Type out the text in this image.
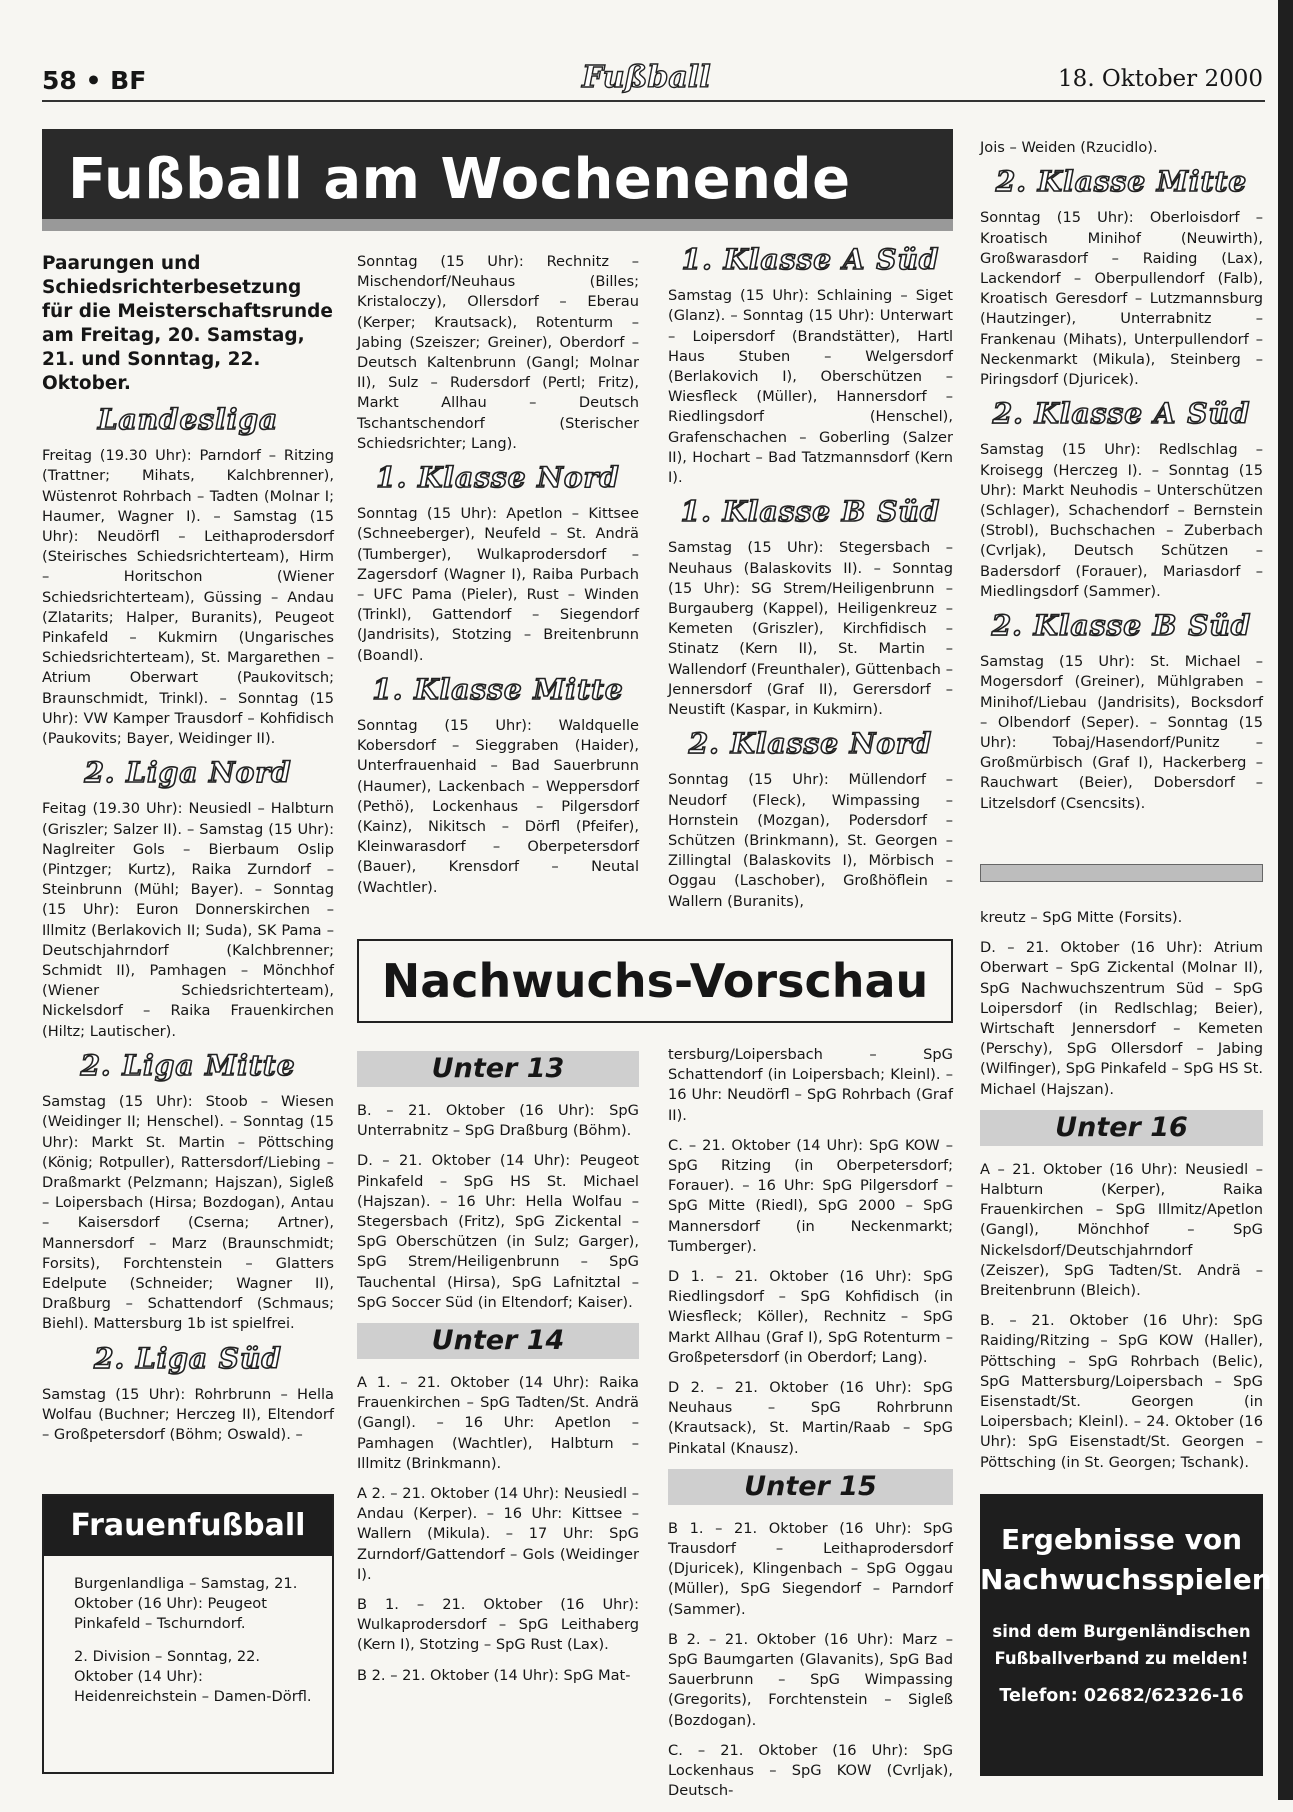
58 • BF	Fußball	18. Oktober 2000
Fußball am Wochenende

Paarungen und Schiedsrichterbesetzung für die Meisterschaftsrunde am Freitag, 20. Samstag, 21. und Sonntag, 22. Oktober.

Landesliga

Freitag (19.30 Uhr): Parndorf – Ritzing (Trattner; Mihats, Kalchbrenner), Wüstenrot Rohrbach – Tadten (Molnar I; Haumer, Wagner I). – Samstag (15 Uhr): Neudörfl – Leithaprodersdorf (Steirisches Schiedsrichterteam), Hirm – Horitschon (Wiener Schiedsrichterteam), Güssing – Andau (Zlatarits; Halper, Buranits), Peugeot Pinkafeld – Kukmirn (Ungarisches Schiedsrichterteam), St. Margarethen – Atrium Oberwart (Paukovitsch; Braunschmidt, Trinkl). – Sonntag (15 Uhr): VW Kamper Trausdorf – Kohfidisch (Paukovits; Bayer, Weidinger II).

2. Liga Nord

Feitag (19.30 Uhr): Neusiedl – Halbturn (Griszler; Salzer II). – Samstag (15 Uhr): Naglreiter Gols – Bierbaum Oslip (Pintzger; Kurtz), Raika Zurndorf – Steinbrunn (Mühl; Bayer). – Sonntag (15 Uhr): Euron Donnerskirchen – Illmitz (Berlakovich II; Suda), SK Pama – Deutschjahrndorf (Kalchbrenner; Schmidt II), Pamhagen – Mönchhof (Wiener Schiedsrichterteam), Nickelsdorf – Raika Frauenkirchen (Hiltz; Lautischer).

2. Liga Mitte

Samstag (15 Uhr): Stoob – Wiesen (Weidinger II; Henschel). – Sonntag (15 Uhr): Markt St. Martin – Pöttsching (König; Rotpuller), Rattersdorf/Liebing – Draßmarkt (Pelzmann; Hajszan), Sigleß – Loipersbach (Hirsa; Bozdogan), Antau – Kaisersdorf (Cserna; Artner), Mannersdorf – Marz (Braunschmidt; Forsits), Forchtenstein – Glatters Edelpute (Schneider; Wagner II), Draßburg – Schattendorf (Schmaus; Biehl). Mattersburg 1b ist spielfrei.

2. Liga Süd

Samstag (15 Uhr): Rohrbrunn – Hella Wolfau (Buchner; Herczeg II), Eltendorf – Großpetersdorf (Böhm; Oswald). –

Frauenfußball

Burgenlandliga – Samstag, 21. Oktober (16 Uhr): Peugeot Pinkafeld – Tschurndorf.

2. Division – Sonntag, 22. Oktober (14 Uhr): Heidenreichstein – Damen-Dörfl.

Sonntag (15 Uhr): Rechnitz – Mischendorf/Neuhaus (Billes; Kristaloczy), Ollersdorf – Eberau (Kerper; Krautsack), Rotenturm – Jabing (Szeiszer; Greiner), Oberdorf – Deutsch Kaltenbrunn (Gangl; Molnar II), Sulz – Rudersdorf (Pertl; Fritz), Markt Allhau – Deutsch Tschantschendorf (Sterischer Schiedsrichter; Lang).

1. Klasse Nord

Sonntag (15 Uhr): Apetlon – Kittsee (Schneeberger), Neufeld – St. Andrä (Tumberger), Wulkaprodersdorf – Zagersdorf (Wagner I), Raiba Purbach – UFC Pama (Pieler), Rust – Winden (Trinkl), Gattendorf – Siegendorf (Jandrisits), Stotzing – Breitenbrunn (Boandl).

1. Klasse Mitte

Sonntag (15 Uhr): Waldquelle Kobersdorf – Sieggraben (Haider), Unterfrauenhaid – Bad Sauerbrunn (Haumer), Lackenbach – Weppersdorf (Pethö), Lockenhaus – Pilgersdorf (Kainz), Nikitsch – Dörfl (Pfeifer), Kleinwarasdorf – Oberpetersdorf (Bauer), Krensdorf – Neutal (Wachtler).

1. Klasse A Süd

Samstag (15 Uhr): Schlaining – Siget (Glanz). – Sonntag (15 Uhr): Unterwart – Loipersdorf (Brandstätter), Hartl Haus Stuben – Welgersdorf (Berlakovich I), Oberschützen – Wiesfleck (Müller), Hannersdorf – Riedlingsdorf (Henschel), Grafenschachen – Goberling (Salzer II), Hochart – Bad Tatzmannsdorf (Kern I).

1. Klasse B Süd

Samstag (15 Uhr): Stegersbach – Neuhaus (Balaskovits II). – Sonntag (15 Uhr): SG Strem/Heiligenbrunn – Burgauberg (Kappel), Heiligenkreuz – Kemeten (Griszler), Kirchfidisch – Stinatz (Kern II), St. Martin – Wallendorf (Freunthaler), Güttenbach – Jennersdorf (Graf II), Gerersdorf – Neustift (Kaspar, in Kukmirn).

2. Klasse Nord

Sonntag (15 Uhr): Müllendorf – Neudorf (Fleck), Wimpassing – Hornstein (Mozgan), Podersdorf – Schützen (Brinkmann), St. Georgen – Zillingtal (Balaskovits I), Mörbisch – Oggau (Laschober), Großhöflein – Wallern (Buranits),

Jois – Weiden (Rzucidlo).

2. Klasse Mitte

Sonntag (15 Uhr): Oberloisdorf – Kroatisch Minihof (Neuwirth), Großwarasdorf – Raiding (Lax), Lackendorf – Oberpullendorf (Falb), Kroatisch Geresdorf – Lutzmannsburg (Hautzinger), Unterrabnitz – Frankenau (Mihats), Unterpullendorf – Neckenmarkt (Mikula), Steinberg – Piringsdorf (Djuricek).

2. Klasse A Süd

Samstag (15 Uhr): Redlschlag – Kroisegg (Herczeg I). – Sonntag (15 Uhr): Markt Neuhodis – Unterschützen (Schlager), Schachendorf – Bernstein (Strobl), Buchschachen – Zuberbach (Cvrljak), Deutsch Schützen – Badersdorf (Forauer), Mariasdorf – Miedlingsdorf (Sammer).

2. Klasse B Süd

Samstag (15 Uhr): St. Michael – Mogersdorf (Greiner), Mühlgraben – Minihof/Liebau (Jandrisits), Bocksdorf – Olbendorf (Seper). – Sonntag (15 Uhr): Tobaj/Hasendorf/Punitz – Großmürbisch (Graf I), Hackerberg – Rauchwart (Beier), Dobersdorf – Litzelsdorf (Csencsits).

Nachwuchs-Vorschau
Unter 13

B. – 21. Oktober (16 Uhr): SpG Unterrabnitz – SpG Draßburg (Böhm).

D. – 21. Oktober (14 Uhr): Peugeot Pinkafeld – SpG HS St. Michael (Hajszan). – 16 Uhr: Hella Wolfau – Stegersbach (Fritz), SpG Zickental – SpG Oberschützen (in Sulz; Garger), SpG Strem/Heiligenbrunn – SpG Tauchental (Hirsa), SpG Lafnitztal – SpG Soccer Süd (in Eltendorf; Kaiser).

Unter 14

A 1. – 21. Oktober (14 Uhr): Raika Frauenkirchen – SpG Tadten/St. Andrä (Gangl). – 16 Uhr: Apetlon – Pamhagen (Wachtler), Halbturn – Illmitz (Brinkmann).

A 2. – 21. Oktober (14 Uhr): Neusiedl – Andau (Kerper). – 16 Uhr: Kittsee – Wallern (Mikula). – 17 Uhr: SpG Zurndorf/Gattendorf – Gols (Weidinger I).

B 1. – 21. Oktober (16 Uhr): Wulkaprodersdorf – SpG Leithaberg (Kern I), Stotzing – SpG Rust (Lax).

B 2. – 21. Oktober (14 Uhr): SpG Mat-

tersburg/Loipersbach – SpG Schattendorf (in Loipersbach; Kleinl). – 16 Uhr: Neudörfl – SpG Rohrbach (Graf II).

C. – 21. Oktober (14 Uhr): SpG KOW – SpG Ritzing (in Oberpetersdorf; Forauer). – 16 Uhr: SpG Pilgersdorf – SpG Mitte (Riedl), SpG 2000 – SpG Mannersdorf (in Neckenmarkt; Tumberger).

D 1. – 21. Oktober (16 Uhr): SpG Riedlingsdorf – SpG Kohfidisch (in Wiesfleck; Köller), Rechnitz – SpG Markt Allhau (Graf I), SpG Rotenturm – Großpetersdorf (in Oberdorf; Lang).

D 2. – 21. Oktober (16 Uhr): SpG Neuhaus – SpG Rohrbrunn (Krautsack), St. Martin/Raab – SpG Pinkatal (Knausz).

Unter 15

B 1. – 21. Oktober (16 Uhr): SpG Trausdorf – Leithaprodersdorf (Djuricek), Klingenbach – SpG Oggau (Müller), SpG Siegendorf – Parndorf (Sammer).

B 2. – 21. Oktober (16 Uhr): Marz – SpG Baumgarten (Glavanits), SpG Bad Sauerbrunn – SpG Wimpassing (Gregorits), Forchtenstein – Sigleß (Bozdogan).

C. – 21. Oktober (16 Uhr): SpG Lockenhaus – SpG KOW (Cvrljak), Deutsch-

kreutz – SpG Mitte (Forsits).

D. – 21. Oktober (16 Uhr): Atrium Oberwart – SpG Zickental (Molnar II), SpG Nachwuchszentrum Süd – SpG Loipersdorf (in Redlschlag; Beier), Wirtschaft Jennersdorf – Kemeten (Perschy), SpG Ollersdorf – Jabing (Wilfinger), SpG Pinkafeld – SpG HS St. Michael (Hajszan).

Unter 16

A – 21. Oktober (16 Uhr): Neusiedl – Halbturn (Kerper), Raika Frauenkirchen – SpG Illmitz/Apetlon (Gangl), Mönchhof – SpG Nickelsdorf/Deutschjahrndorf (Zeiszer), SpG Tadten/St. Andrä – Breitenbrunn (Bleich).

B. – 21. Oktober (16 Uhr): SpG Raiding/Ritzing – SpG KOW (Haller), Pöttsching – SpG Rohrbach (Belic), SpG Mattersburg/Loipersbach – SpG Eisenstadt/St. Georgen (in Loipersbach; Kleinl). – 24. Oktober (16 Uhr): SpG Eisenstadt/St. Georgen – Pöttsching (in St. Georgen; Tschank).

Ergebnisse von Nachwuchsspielen
sind dem Burgenländischen Fußballverband zu melden!
Telefon: 02682/62326-16
